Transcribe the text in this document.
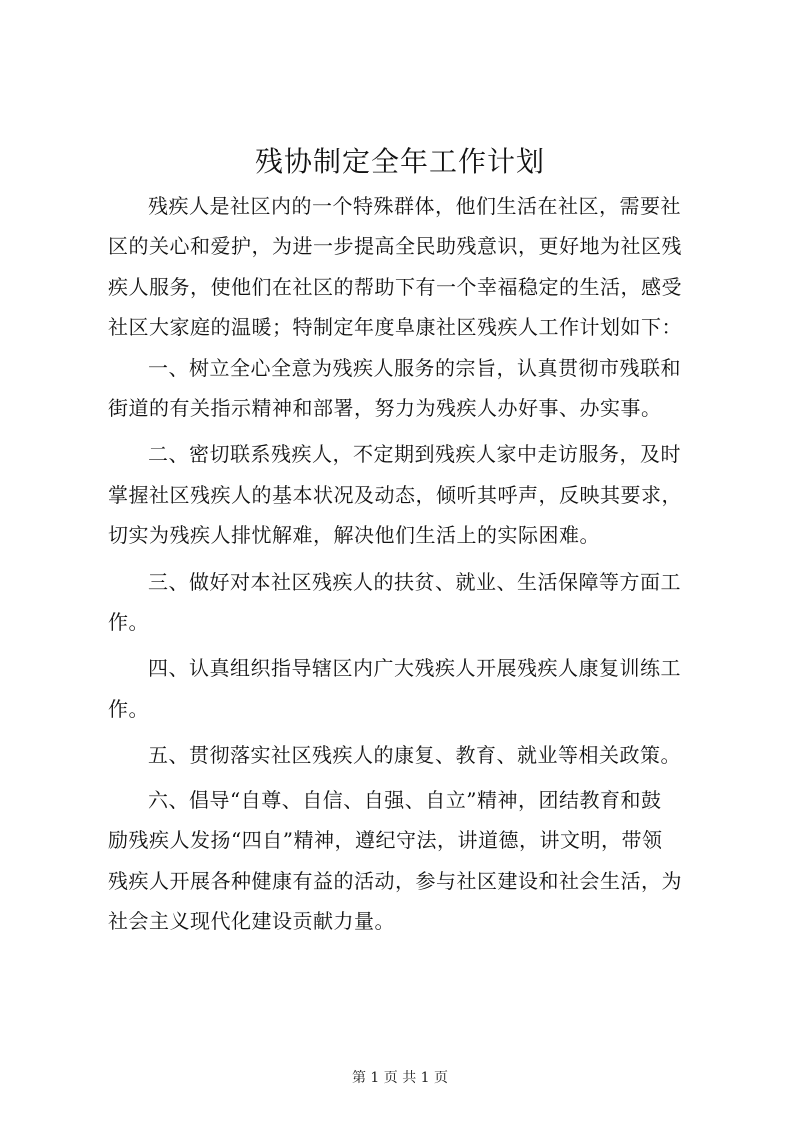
残协制定全年工作计划

残疾人是社区内的一个特殊群体，他们生活在社区，需要社
区的关心和爱护，为进一步提高全民助残意识，更好地为社区残
疾人服务，使他们在社区的帮助下有一个幸福稳定的生活，感受
社区大家庭的温暖；特制定年度阜康社区残疾人工作计划如下：

一、树立全心全意为残疾人服务的宗旨，认真贯彻市残联和
街道的有关指示精神和部署，努力为残疾人办好事、办实事。

二、密切联系残疾人，不定期到残疾人家中走访服务，及时
掌握社区残疾人的基本状况及动态，倾听其呼声，反映其要求，
切实为残疾人排忧解难，解决他们生活上的实际困难。

三、做好对本社区残疾人的扶贫、就业、生活保障等方面工
作。

四、认真组织指导辖区内广大残疾人开展残疾人康复训练工
作。

五、贯彻落实社区残疾人的康复、教育、就业等相关政策。

六、倡导“自尊、自信、自强、自立”精神，团结教育和鼓
励残疾人发扬“四自”精神，遵纪守法，讲道德，讲文明，带领
残疾人开展各种健康有益的活动，参与社区建设和社会生活，为
社会主义现代化建设贡献力量。

第 1 页 共 1 页
